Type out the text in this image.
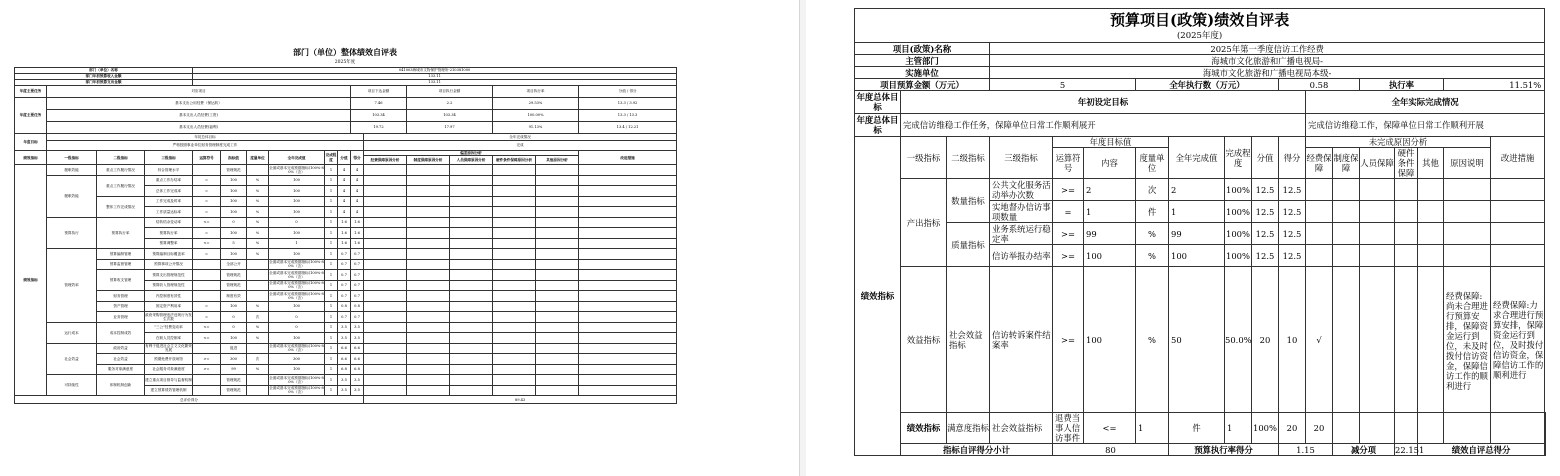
部门（单位）整体绩效自评表
2025年度
部门（单位）名称				041003海城市文物保护管理所-210381000												
部门年初预算收入金额				133.11												
部门年初预算支出金额				133.11												
年度主要任务	对应项目									项目下达金额		项目执行金额		项目执行率		分值 / 得分
年度主要任务	基本支出公用经费（保运转）									7.46		2.2		29.53%		13.3 / 3.92
	基本支出人员经费(工资)									103.34		103.34		100.00%		13.3 / 13.3
	基本支出人员经费(福利)									19.72		17.97		91.13%		13.4 / 12.21
年度目标	年初总体目标										全年完成情况					
	严格按照事业单位财务管理制度完成工作										完成					
绩效指标	一级指标	二级指标	三级指标	运算符号	指标值	度量单位	全年完成值	完成程度	分值	得分	偏差原因分析					改进措施
											经费保障原因分析	制度保障原因分析	人员保障原因分析	硬件条件保障原因分析	其他原因分析	
绩效指标	履职效能	重点工作履行情况	综合管理水平		管理规范		全面或基本完成预期指标(100%-80%（含）	1	4	4						
	履职效能	重点工作履行情况	重点工作办结率	=	100	%	100	1	4	4						
			总体工作完成率	=	100	%	100	1	4	4						
		整体工作完成情况	工作完成及时率	=	100	%	100	1	4	4						
			工作质量达标率	=	100	%	100	1	4	4						
	预算执行	预算执行率	结转结余变动率	<=	0	%	0	1	1.6	1.6						
			预算执行率	=	100	%	100	1	1.6	1.6						
			预算调整率	<=	5	%	1	1	1.6	1.6						
	管理效率	预算编制管理	预算编制目标覆盖率	=	100	%	100	1	0.7	0.7						
		预算监督管理	预算事项公开情况		全部公开		全面或基本完成预期指标(100%-80%（含）	1	0.7	0.7						
		预算收支管理	预算支出管理规范性		管理规范		全面或基本完成预期指标(100%-80%（含）	1	0.7	0.7						
			预算收入管理规范性		管理规范		全面或基本完成预期指标(100%-80%（含）	1	0.7	0.7						
		财务管理	内控制度有效性		制度有效		全面或基本完成预期指标(100%-80%（含）	1	0.7	0.7						
		资产管理	固定资产利用率	=	100	%	100	1	0.8	0.8						
		业务管理	政府采购管理违法违规行为发生次数	=	0	次	0	1	0.7	0.7						
	运行成本	成本控制成效	"三公"经费变动率	<=	0	%	0	1	3.5	3.5						
			在职人员控制率	<=	100	%	100	1	3.5	3.5						
	社会效益	政治效益	有利于促进社会主义文化繁荣发展		促进		全面或基本完成预期指标(100%-80%（含）	1	6.6	6.6						
		社会效益	预期免费开放场馆	>=	300	次	300	1	6.6	6.6						
		服务对象满意度	社会服务对象满意度	>=	99	%	100	1	6.8	6.8						
	可持续性	体制机制创新	建立重点项目督导与监督机制		管理规范		全面或基本完成预期指标(100%-80%（含）	1	3.5	3.5						
			建立预算绩效管理机制		管理规范		全面或基本完成预期指标(100%-80%（含）	1	3.5	3.5						
总评价得分											89.43					
预算项目(政策)绩效自评表																		
(2025年度)																		
项目(政策)名称			2025年第一季度信访工作经费															
主管部门			海城市文化旅游和广播电视局-															
实施单位			海城市文化旅游和广播电视局本级-															
项目预算金额（万元）			5			全年执行数（万元）				0.58			执行率			11.51%		
年度总体目标	年初设定目标										全年实际完成情况							
年度总体目标	完成信访维稳工作任务，保障单位日常工作顺利展开										完成信访维稳工作，保障单位日常工作顺利开展							
绩效指标	一级指标	二级指标	三级指标	年度目标值			全年完成值	完成程度	分值	得分	未完成原因分析						改进措施	
				运算符号	内容	度量单位					经费保障	制度保障	人员保障	硬件条件保障	其他	原因说明		

	产出指标	数量指标	公共文化服务活动举办次数	>=	2	次	2	100%	12.5	12.5								
			实地督办信访事项数量	=	1	件	1	100%	12.5	12.5								
		质量指标	业务系统运行稳定率	>=	99	%	99	100%	12.5	12.5								
			信访举报办结率	>=	100	%	100	100%	12.5	12.5								
	效益指标	社会效益指标	信访转诉案件结案率	>=	100	%	50	50.0%	20	10	√					经费保障:尚未合理进行预算安排，保障资金运行到位，未及时拨付信访资金，保障信访工作的顺利进行	经费保障:力求合理进行预算安排，保障资金运行到位，及时拨付信访资金，保障信访工作的顺利进行	
	绩效指标	满意度指标	社会效益指标	退费当事人信访事件	<=	1	件	1	100%	20	20							
	指标自评得分小计			80			预算执行率得分			1.15		减分项		22.151	绩效自评总得分	
